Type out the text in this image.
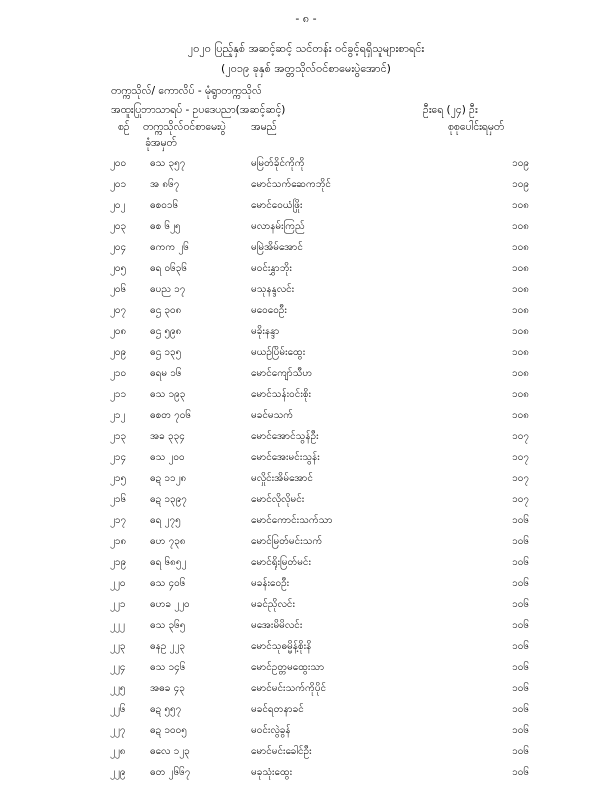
- ၈ -
၂၀၂၀ ပြည့်နှစ် အဆင့်ဆင့် သင်တန်း ဝင်ခွင့်ရရှိသူများစာရင်း
(၂၀၁၉ ခုနှစ် အတ္တသိုလ်ဝင်စာမေးပွဲအောင်)
တက္ကသိုလ်/ ကောလိပ် - မုံရွာတက္ကသိုလ်
အထူးပြုဘာသာရပ် - ဥပဒေပညာ(အဆင့်ဆင့်)	ဦးရေ (၂၄) ဦး
စဉ် တက္ကသိုလ်ဝင်စာမေးပွဲ
ခုံအမှတ်
အမည်	စုစုပေါင်းရမှတ်
၂၀၀	ဓသ ၃၅၇	မမြတ်ခိုင်ကိုကို	၁၀၉
၂၀၁	အ ၈၆၇	မောင်သက်ဆေကဘိုင်	၁၀၉
၂၀၂	ဓစ၀၁၆	မောင်ဝေယံဖြိုး	၁၀၈
၂၀၃	ဓစ ၆၂၅	မလာနမ်းကြည်	၁၀၈
၂၀၄	ဓကက ၂၆	မမြဲအိမ်အောင်	၁၀၈
၂၀၅	ဓရ ၀၆၃၆	မဝင်းနွှာဘိုး	၁၀၈
၂၀၆	ဓပည ၁၇	မသုနန္ဒလင်း	၁၀၈
၂၀၇	ဓဌ ၃၀၈	မဝေဝေဦး	၁၀၈
၂၀၈	ဓဌ ၅၉၈	မခိုးနန္ဒာ	၁၀၈
၂၀၉	ဓဌ ၁၃၅	မယဉ်ပြိမ်းထွေး	၁၀၈
၂၁၀	ဓရမ ၁၆	မောင်ကျော်သီဟ	၁၀၈
၂၁၁	ဓသ ၁၉၃	မောင်သန်းဝင်းစိုး	၁၀၈
၂၁၂	ဓစတ ၇၀၆	မခင်မသက်	၁၀၈
၂၁၃	အခ ၃၃၄	မောင်အောင်သွန်ဦး	၁၀၇
၂၁၄	ဓသ ၂၀၀	မောင်အေးမင်းသွန်း	၁၀၇
၂၁၅	ဓဍ ၁၁၂၈	မလှိုင်းအိမ်အောင်	၁၀၇
၂၁၆	ဓဍ ၁၃၉၇	မောင်လိုလိုမင်း	၁၀၇
၂၁၇	ဓရ ၂၇၅	မောင်ကောင်းသက်သာ	၁၀၆
၂၁၈	ဓဟ ၇၃၈	မောင်မြတ်မင်းသက်	၁၀၆
၂၁၉	ဓရ ၆၈၅၂	မောင်ရိုးမြတ်မင်း	၁၀၆
၂၂၀	ဓသ ၄၀၆	မခန်းဝေဦး	၁၀၆
၂၂၁	ဓဟခ ၂၂၀	မခင်ညိုလင်း	၁၀၆
၂၂၂	ဓသ ၃၆၅	မအေးမိမိလင်း	၁၀၆
၂၂၃	ဓနဥ ၂၂၃	မောင်သုဓမ္မိန့်စိုးနိ	၁၀၆
၂၂၄	ဓသ ၁၄၆	မောင်ဥတ္တမထွေးသာ	၁၀၆
၂၂၅	အဓခ ၄၃	မောင်မင်းသက်ကိုပိုင်	၁၀၆
၂၂၆	ဓဍ ၅၅၇	မခင်ရတနာခင်	၁၀၆
၂၂၇	ဓဍ ၁၀၀၅	မဝင်းလွဲခွန်	၁၀၆
၂၂၈	ဓလေ ၁၂၃	မောင်မင်းခေါင်ဦး	၁၀၆
၂၂၉	ဓတ ၂၆၆၇	မခုသုံးထွေး	၁၀၆
